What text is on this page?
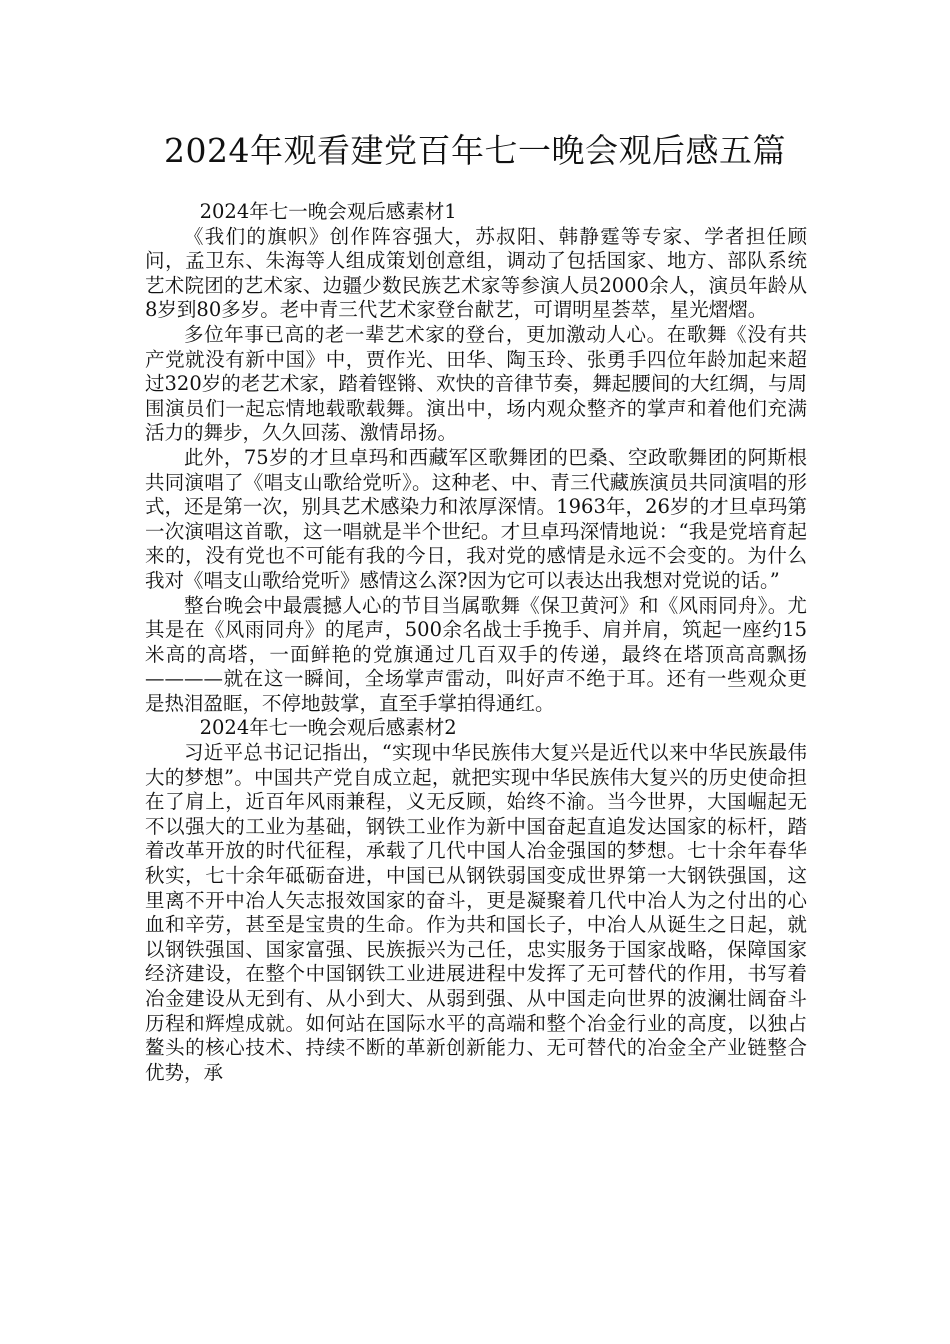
2024年观看建党百年七一晚会观后感五篇

2024年七一晚会观后感素材1

《我们的旗帜》创作阵容强大，苏叔阳、韩静霆等专家、学者担任顾问，孟卫东、朱海等人组成策划创意组，调动了包括国家、地方、部队系统艺术院团的艺术家、边疆少数民族艺术家等参演人员2000余人，演员年龄从8岁到80多岁。老中青三代艺术家登台献艺，可谓明星荟萃，星光熠熠。

多位年事已高的老一辈艺术家的登台，更加激动人心。在歌舞《没有共产党就没有新中国》中，贾作光、田华、陶玉玲、张勇手四位年龄加起来超过320岁的老艺术家，踏着铿锵、欢快的音律节奏，舞起腰间的大红绸，与周围演员们一起忘情地载歌载舞。演出中，场内观众整齐的掌声和着他们充满活力的舞步，久久回荡、激情昂扬。

此外，75岁的才旦卓玛和西藏军区歌舞团的巴桑、空政歌舞团的阿斯根共同演唱了《唱支山歌给党听》。这种老、中、青三代藏族演员共同演唱的形式，还是第一次，别具艺术感染力和浓厚深情。1963年，26岁的才旦卓玛第一次演唱这首歌，这一唱就是半个世纪。才旦卓玛深情地说：“我是党培育起来的，没有党也不可能有我的今日，我对党的感情是永远不会变的。为什么我对《唱支山歌给党听》感情这么深?因为它可以表达出我想对党说的话。”

整台晚会中最震撼人心的节目当属歌舞《保卫黄河》和《风雨同舟》。尤其是在《风雨同舟》的尾声，500余名战士手挽手、肩并肩，筑起一座约15米高的高塔，一面鲜艳的党旗通过几百双手的传递，最终在塔顶高高飘扬————就在这一瞬间，全场掌声雷动，叫好声不绝于耳。还有一些观众更是热泪盈眶，不停地鼓掌，直至手掌拍得通红。

2024年七一晚会观后感素材2

习近平总书记记指出，“实现中华民族伟大复兴是近代以来中华民族最伟大的梦想”。中国共产党自成立起，就把实现中华民族伟大复兴的历史使命担在了肩上，近百年风雨兼程，义无反顾，始终不渝。当今世界，大国崛起无不以强大的工业为基础，钢铁工业作为新中国奋起直追发达国家的标杆，踏着改革开放的时代征程，承载了几代中国人冶金强国的梦想。七十余年春华秋实，七十余年砥砺奋进，中国已从钢铁弱国变成世界第一大钢铁强国，这里离不开中冶人矢志报效国家的奋斗，更是凝聚着几代中冶人为之付出的心血和辛劳，甚至是宝贵的生命。作为共和国长子，中冶人从诞生之日起，就以钢铁强国、国家富强、民族振兴为己任，忠实服务于国家战略，保障国家经济建设，在整个中国钢铁工业进展进程中发挥了无可替代的作用，书写着冶金建设从无到有、从小到大、从弱到强、从中国走向世界的波澜壮阔奋斗历程和辉煌成就。如何站在国际水平的高端和整个冶金行业的高度，以独占鳌头的核心技术、持续不断的革新创新能力、无可替代的冶金全产业链整合优势，承
